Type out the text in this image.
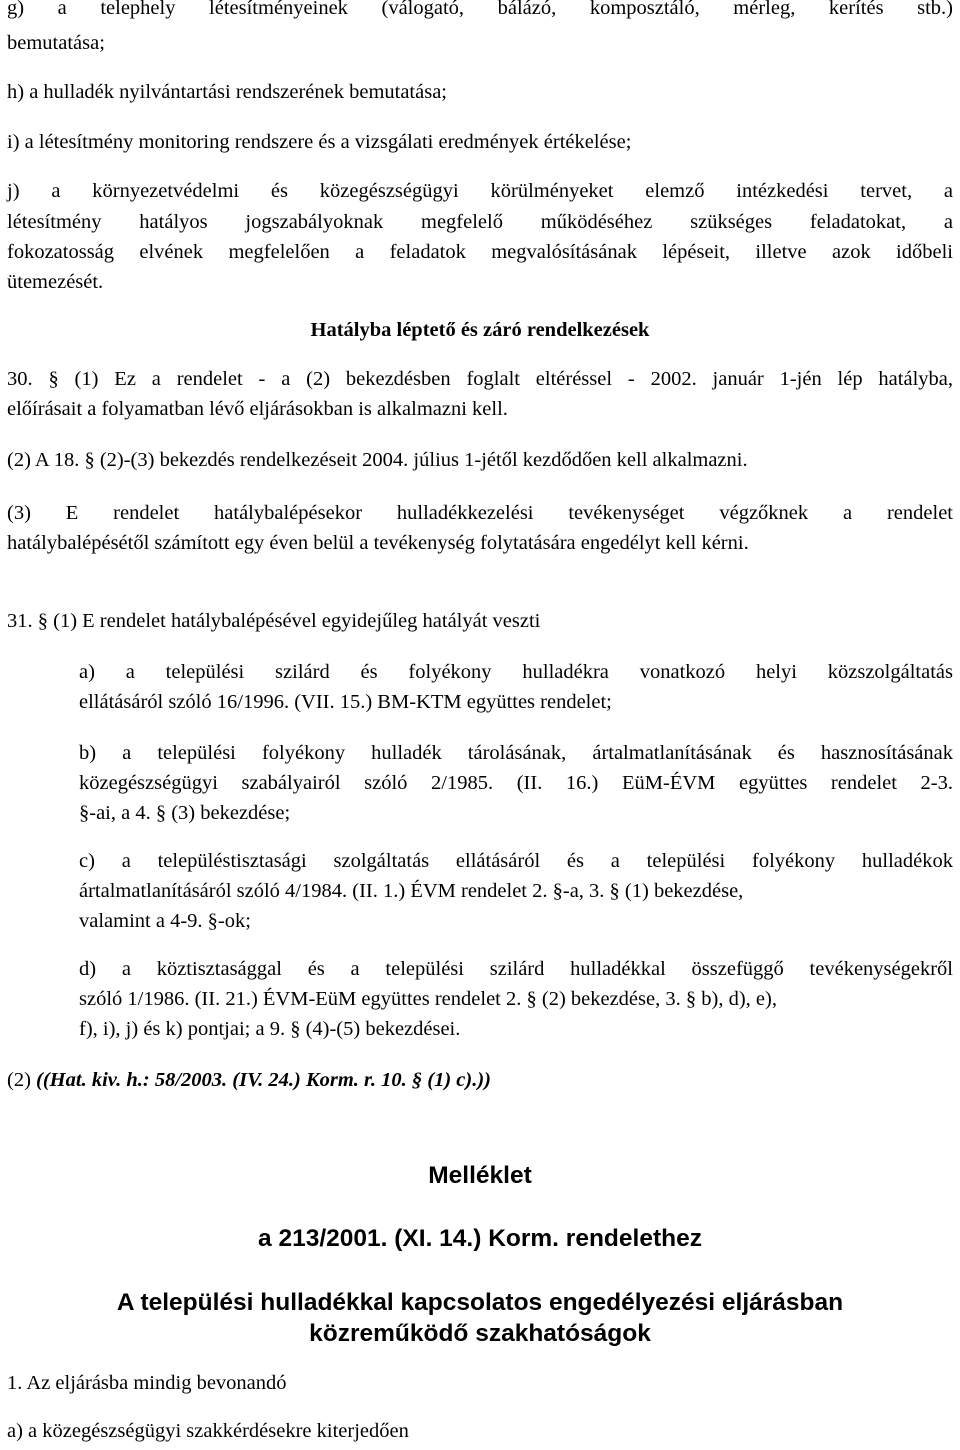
g) a telephely létesítményeinek (válogató, bálázó, komposztáló, mérleg, kerítés stb.)
bemutatása;
h) a hulladék nyilvántartási rendszerének bemutatása;
i) a létesítmény monitoring rendszere és a vizsgálati eredmények értékelése;
j) a környezetvédelmi és közegészségügyi körülményeket elemző intézkedési tervet, a
létesítmény hatályos jogszabályoknak megfelelő működéséhez szükséges feladatokat, a
fokozatosság elvének megfelelően a feladatok megvalósításának lépéseit, illetve azok időbeli
ütemezését.
Hatályba léptető és záró rendelkezések
30. § (1) Ez a rendelet - a (2) bekezdésben foglalt eltéréssel - 2002. január 1-jén lép hatályba,
előírásait a folyamatban lévő eljárásokban is alkalmazni kell.
(2) A 18. § (2)-(3) bekezdés rendelkezéseit 2004. július 1-jétől kezdődően kell alkalmazni.
(3) E rendelet hatálybalépésekor hulladékkezelési tevékenységet végzőknek a rendelet
hatálybalépésétől számított egy éven belül a tevékenység folytatására engedélyt kell kérni.
31. § (1) E rendelet hatálybalépésével egyidejűleg hatályát veszti
a) a települési szilárd és folyékony hulladékra vonatkozó helyi közszolgáltatás
ellátásáról szóló 16/1996. (VII. 15.) BM-KTM együttes rendelet;
b) a települési folyékony hulladék tárolásának, ártalmatlanításának és hasznosításának
közegészségügyi szabályairól szóló 2/1985. (II. 16.) EüM-ÉVM együttes rendelet 2-3.
§-ai, a 4. § (3) bekezdése;
c) a településtisztasági szolgáltatás ellátásáról és a települési folyékony hulladékok
ártalmatlanításáról szóló 4/1984. (II. 1.) ÉVM rendelet 2. §-a, 3. § (1) bekezdése,
valamint a 4-9. §-ok;
d) a köztisztasággal és a települési szilárd hulladékkal összefüggő tevékenységekről
szóló 1/1986. (II. 21.) ÉVM-EüM együttes rendelet 2. § (2) bekezdése, 3. § b), d), e),
f), i), j) és k) pontjai; a 9. § (4)-(5) bekezdései.
(2) ((Hat. kiv. h.: 58/2003. (IV. 24.) Korm. r. 10. § (1) c).))
Melléklet
a 213/2001. (XI. 14.) Korm. rendelethez
A települési hulladékkal kapcsolatos engedélyezési eljárásban
közreműködő szakhatóságok
1. Az eljárásba mindig bevonandó
a) a közegészségügyi szakkérdésekre kiterjedően
